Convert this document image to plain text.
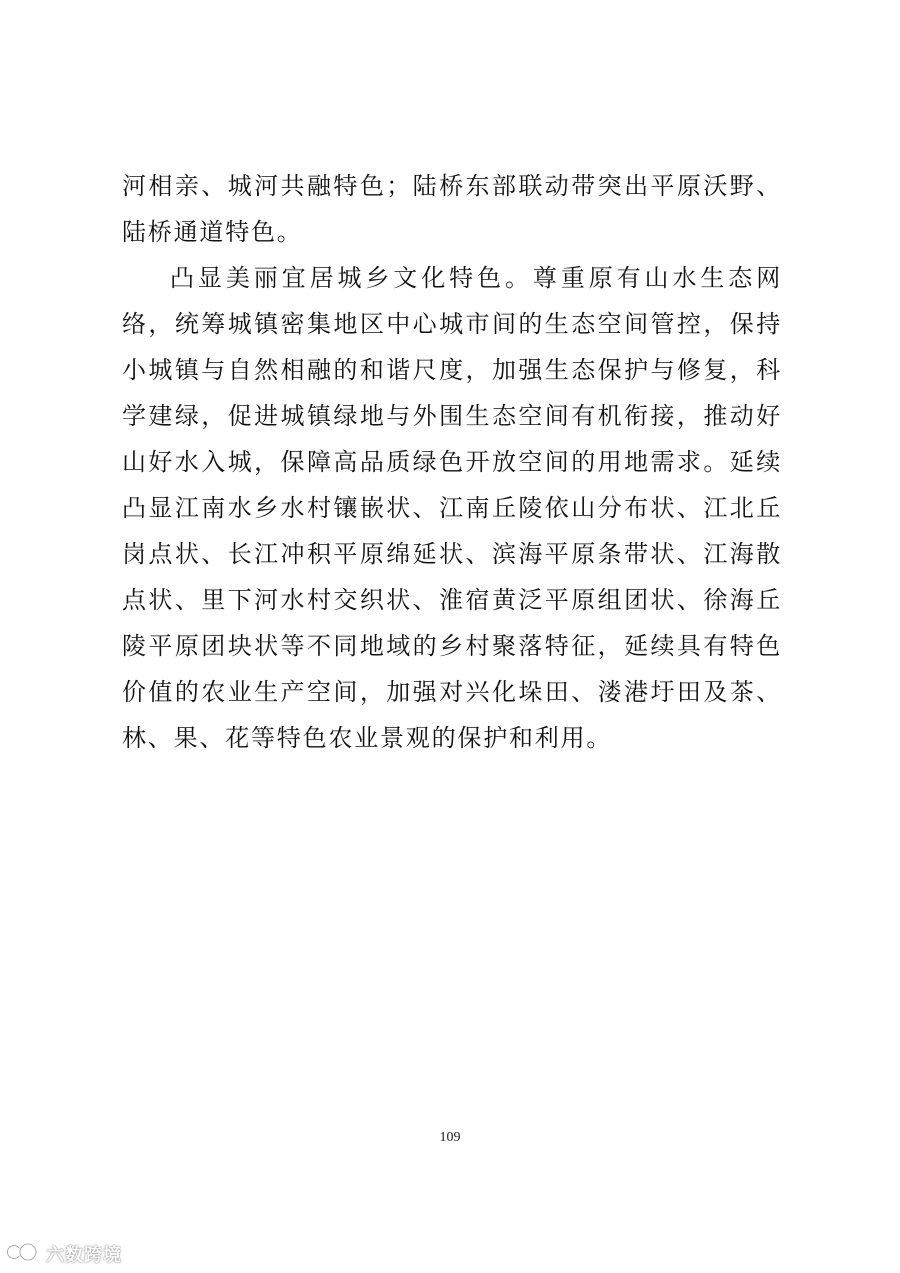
河相亲、城河共融特色；陆桥东部联动带突出平原沃野、陆桥通道特色。

凸显美丽宜居城乡文化特色。尊重原有山水生态网络，统筹城镇密集地区中心城市间的生态空间管控，保持小城镇与自然相融的和谐尺度，加强生态保护与修复，科学建绿，促进城镇绿地与外围生态空间有机衔接，推动好山好水入城，保障高品质绿色开放空间的用地需求。延续凸显江南水乡水村镶嵌状、江南丘陵依山分布状、江北丘岗点状、长江冲积平原绵延状、滨海平原条带状、江海散点状、里下河水村交织状、淮宿黄泛平原组团状、徐海丘陵平原团块状等不同地域的乡村聚落特征，延续具有特色价值的农业生产空间，加强对兴化垛田、溇港圩田及茶、林、果、花等特色农业景观的保护和利用。

109
六数跨境
